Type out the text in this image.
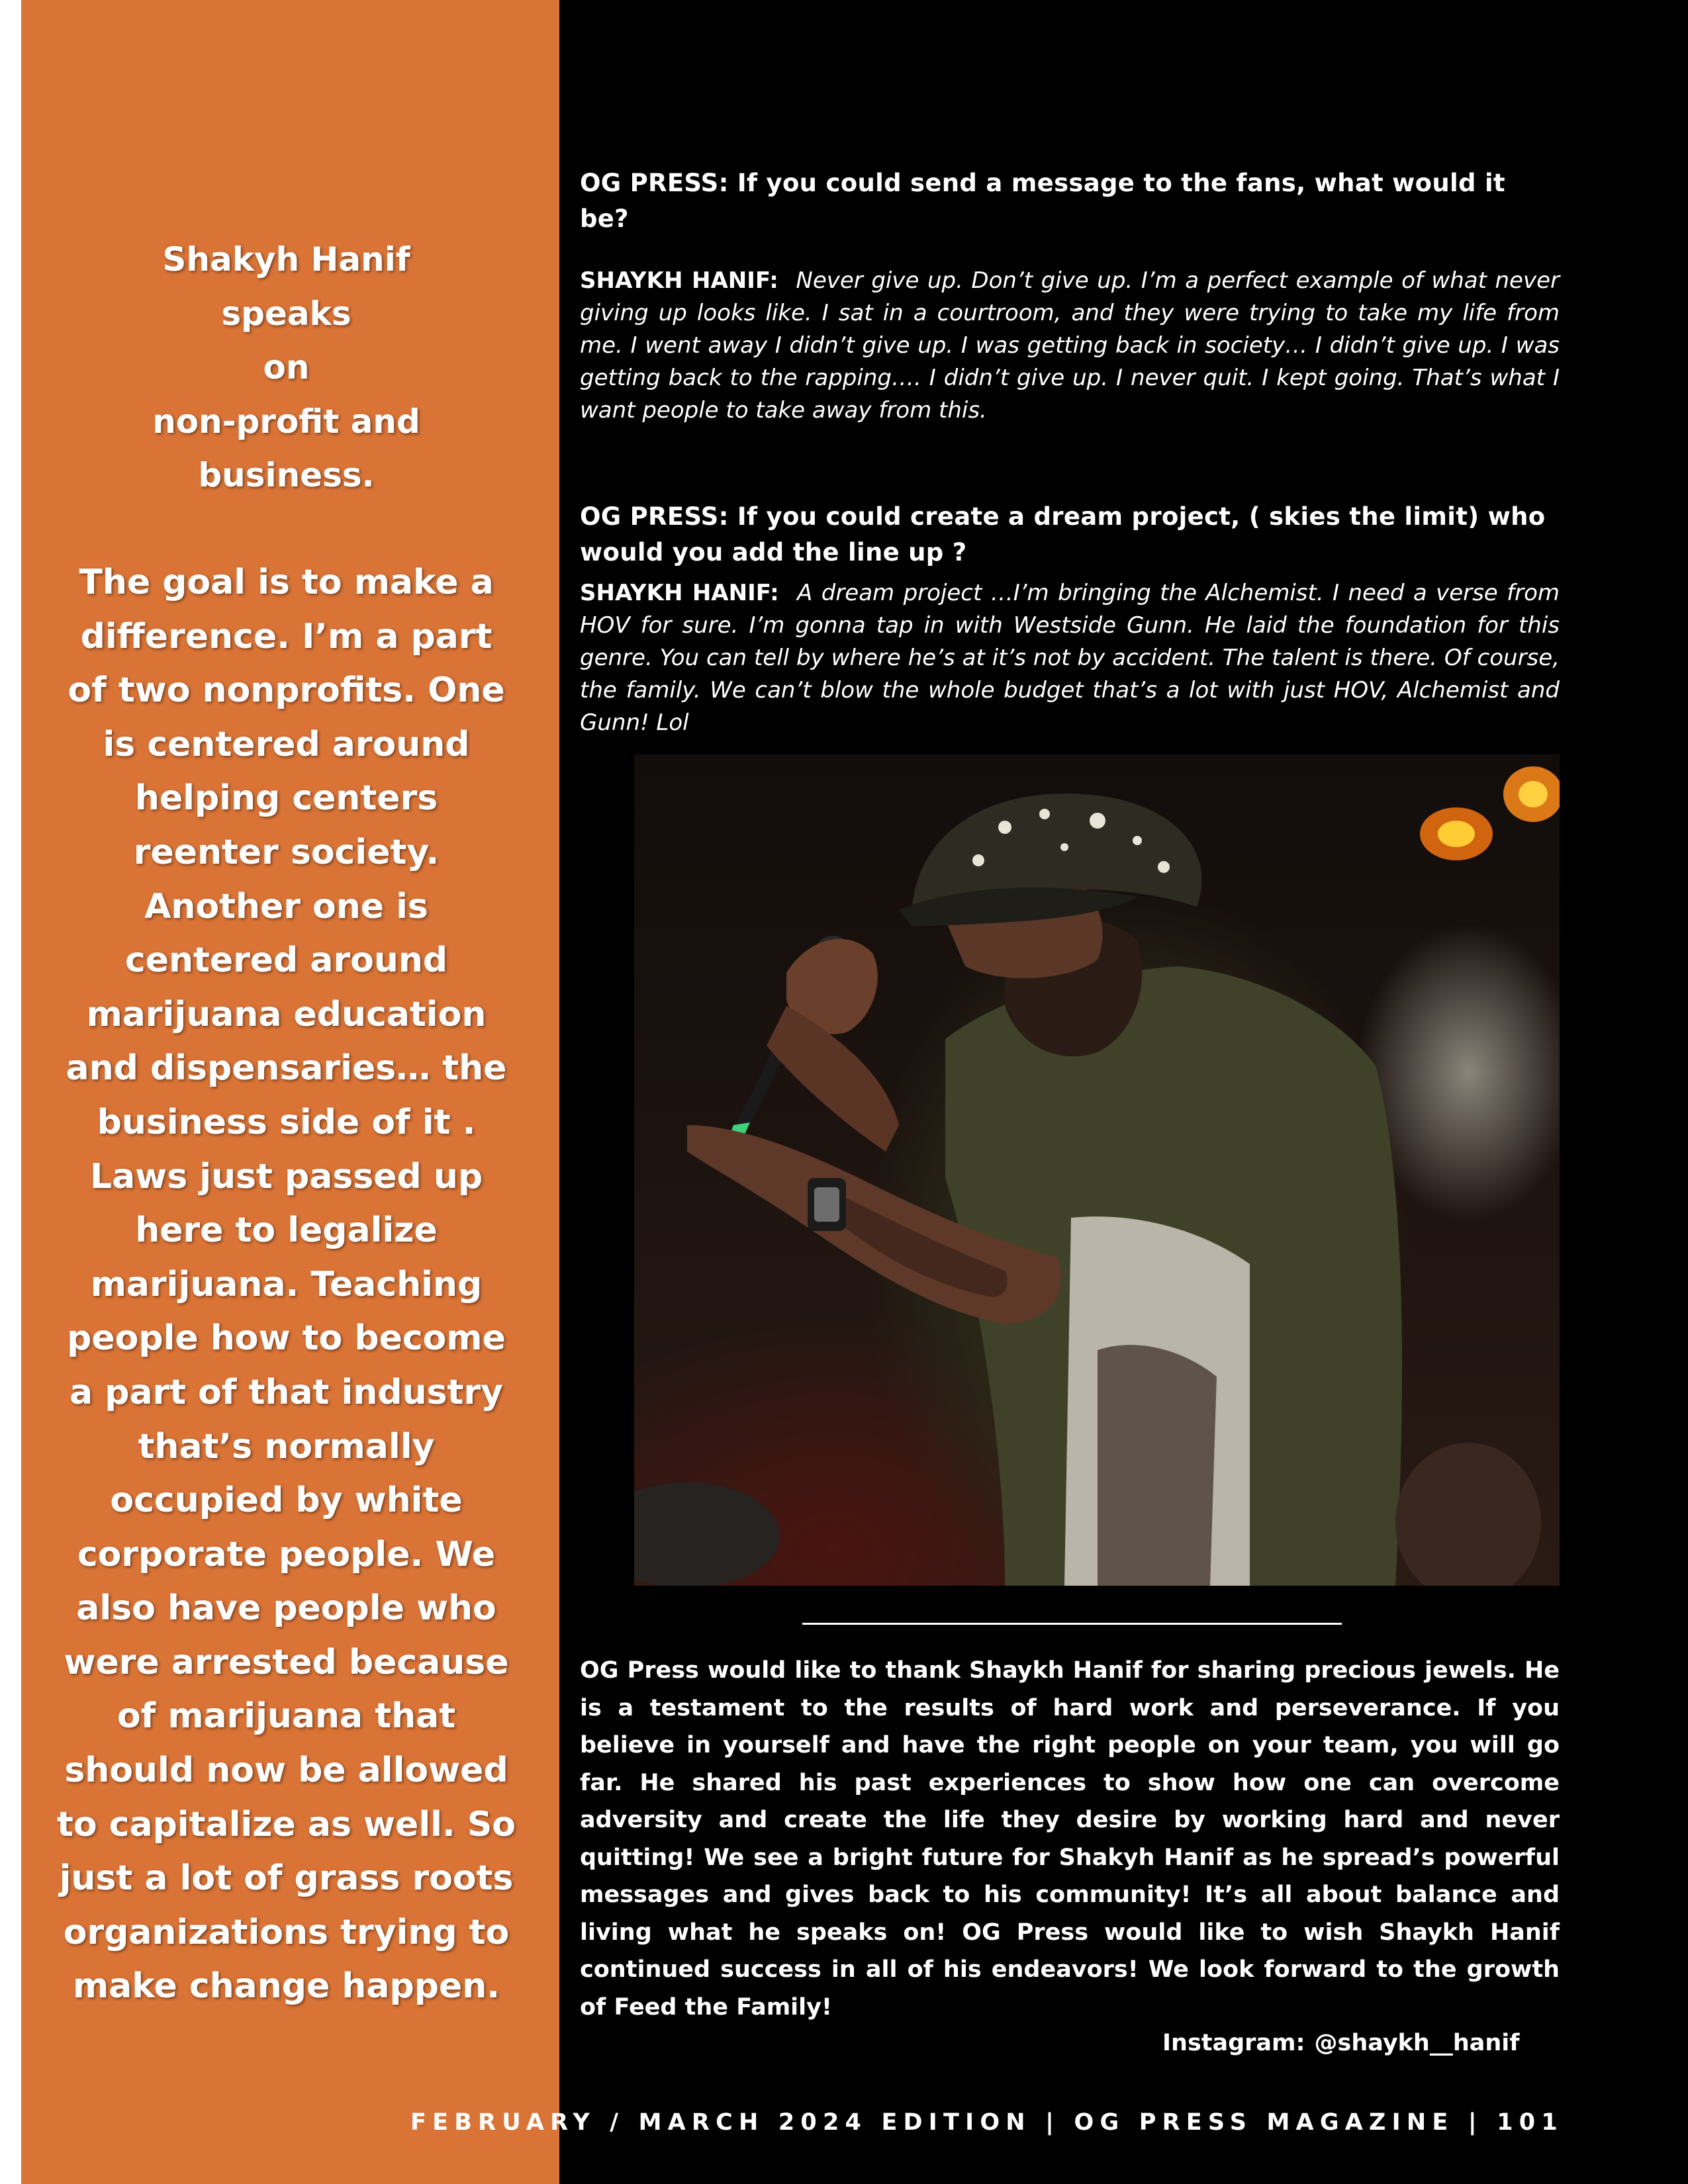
Shakyh Hanif
speaks
on
non-profit and
business.
The goal is to make a
difference. I’m a part
of two nonprofits. One
is centered around
helping centers
reenter society.
Another one is
centered around
marijuana education
and dispensaries… the
business side of it .
Laws just passed up
here to legalize
marijuana. Teaching
people how to become
a part of that industry
that’s normally
occupied by white
corporate people. We
also have people who
were arrested because
of marijuana that
should now be allowed
to capitalize as well. So
just a lot of grass roots
organizations trying to
make change happen.
OG PRESS: If you could send a message to the fans, what would it be?
SHAYKH HANIF: Never give up. Don’t give up. I’m a perfect example of what never giving up looks like. I sat in a courtroom, and they were trying to take my life from me. I went away I didn’t give up. I was getting back in society… I didn’t give up. I was getting back to the rapping…. I didn’t give up. I never quit. I kept going. That’s what I want people to take away from this.
OG PRESS: If you could create a dream project, ( skies the limit) who would you add the line up ?
SHAYKH HANIF: A dream project …I’m bringing the Alchemist. I need a verse from HOV for sure. I’m gonna tap in with Westside Gunn. He laid the foundation for this genre. You can tell by where he’s at it’s not by accident. The talent is there. Of course, the family. We can’t blow the whole budget that’s a lot with just HOV, Alchemist and Gunn! Lol
OG Press would like to thank Shaykh Hanif for sharing precious jewels. He is a testament to the results of hard work and perseverance. If you believe in yourself and have the right people on your team, you will go far. He shared his past experiences to show how one can overcome adversity and create the life they desire by working hard and never quitting! We see a bright future for Shakyh Hanif as he spread’s powerful messages and gives back to his community! It’s all about balance and living what he speaks on! OG Press would like to wish Shaykh Hanif continued success in all of his endeavors! We look forward to the growth of Feed the Family!
Instagram: @shaykh__hanif
FEBRUARY / MARCH 2024 EDITION | OG PRESS MAGAZINE | 101
